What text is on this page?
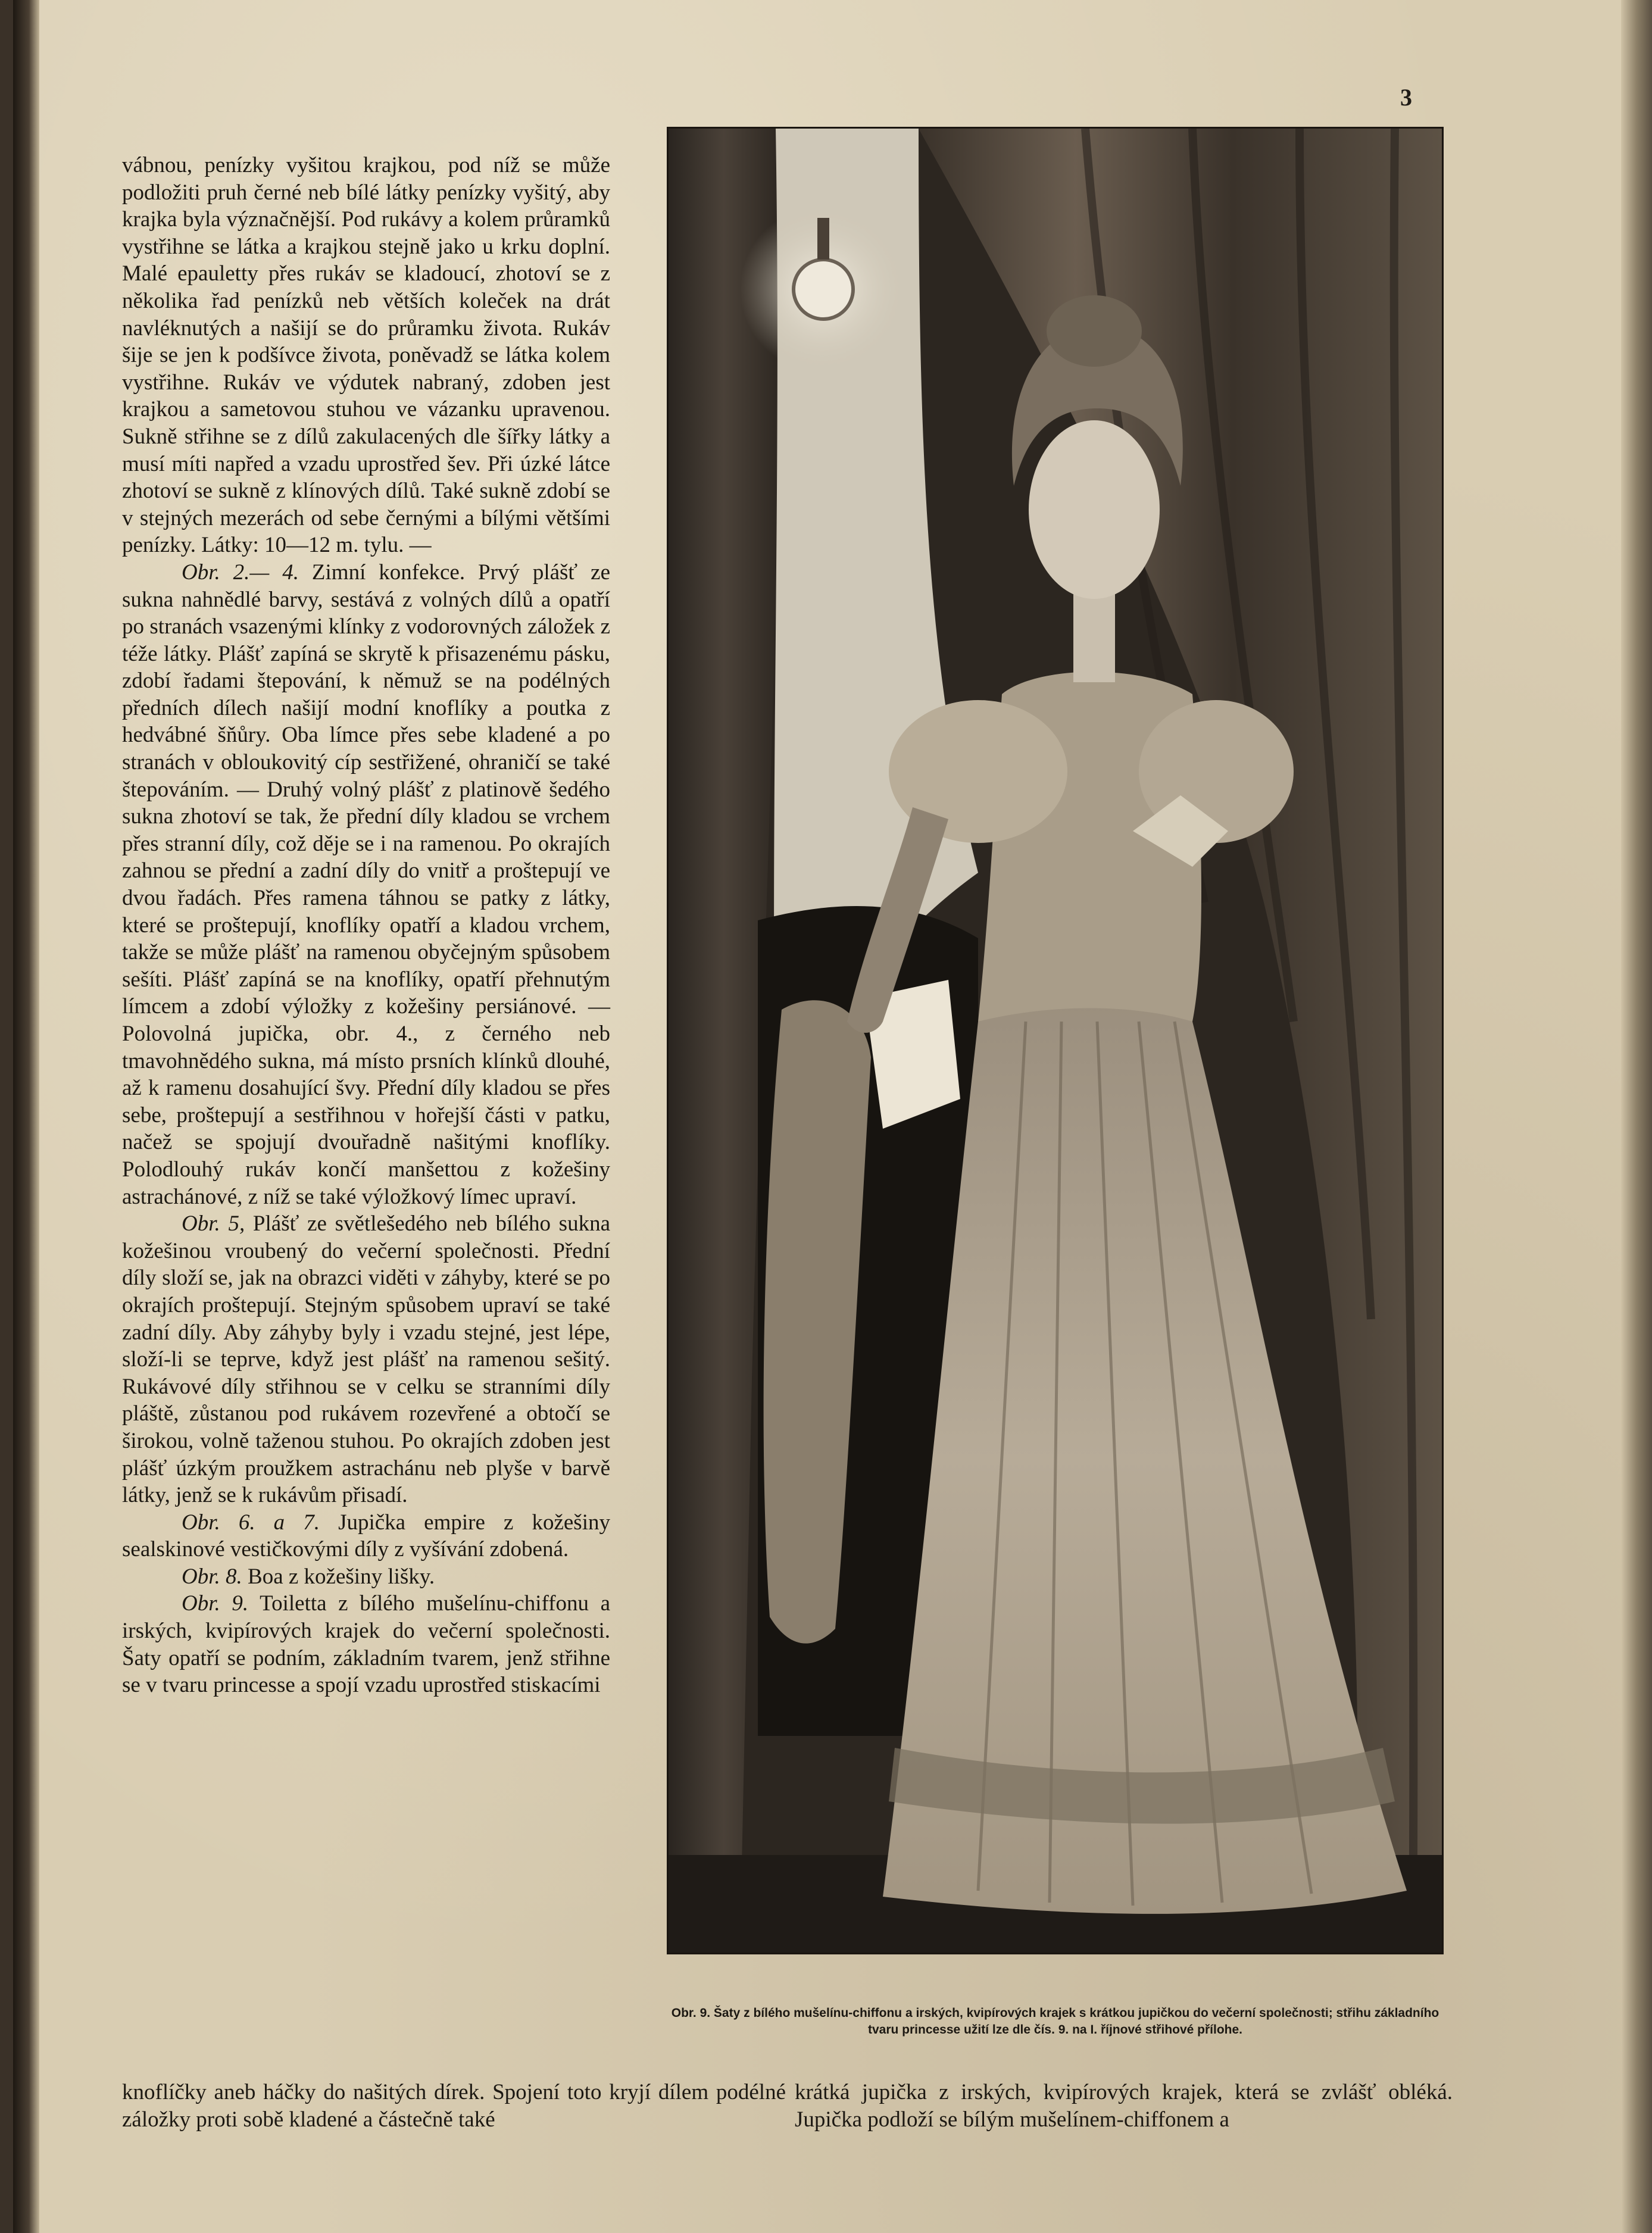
3

vábnou, penízky vyšitou krajkou, pod níž se může podložiti pruh černé neb bílé látky penízky vyšitý, aby krajka byla význačnější. Pod rukávy a kolem průramků vystřihne se látka a krajkou stejně jako u krku doplní. Malé epauletty přes rukáv se kladoucí, zhotoví se z několika řad penízků neb větších koleček na drát navléknutých a našijí se do průramku života. Rukáv šije se jen k podšívce života, poněvadž se látka kolem vystřihne. Rukáv ve výdutek nabraný, zdoben jest krajkou a sametovou stuhou ve vázanku upravenou. Sukně střihne se z dílů zakulacených dle šířky látky a musí míti napřed a vzadu uprostřed šev. Při úzké látce zhotoví se sukně z klínových dílů. Také sukně zdobí se v stejných mezerách od sebe černými a bílými většími penízky. Látky: 10—12 m. tylu. —

Obr. 2.— 4. Zimní konfekce. Prvý plášť ze sukna nahnědlé barvy, sestává z volných dílů a opatří po stranách vsazenými klínky z vodorovných záložek z téže látky. Plášť zapíná se skrytě k přisazenému pásku, zdobí řadami štepování, k němuž se na podélných předních dílech našijí modní knoflíky a poutka z hedvábné šňůry. Oba límce přes sebe kladené a po stranách v obloukovitý cíp sestřižené, ohraničí se také štepováním. — Druhý volný plášť z platinově šedého sukna zhotoví se tak, že přední díly kladou se vrchem přes stranní díly, což děje se i na ramenou. Po okrajích zahnou se přední a zadní díly do vnitř a proštepují ve dvou řadách. Přes ramena táhnou se patky z látky, které se proštepují, knoflíky opatří a kladou vrchem, takže se může plášť na ramenou obyčejným spůsobem sešíti. Plášť zapíná se na knoflíky, opatří přehnutým límcem a zdobí výložky z kožešiny persiánové. — Polovolná jupička, obr. 4., z černého neb tmavohnědého sukna, má místo prsních klínků dlouhé, až k ramenu dosahující švy. Přední díly kladou se přes sebe, proštepují a sestřihnou v hořejší části v patku, načež se spojují dvouřadně našitými knoflíky. Polodlouhý rukáv končí manšettou z kožešiny astrachánové, z níž se také výložkový límec upraví.

Obr. 5, Plášť ze světlešedého neb bílého sukna kožešinou vroubený do večerní společnosti. Přední díly složí se, jak na obrazci viděti v záhyby, které se po okrajích proštepují. Stejným spůsobem upraví se také zadní díly. Aby záhyby byly i vzadu stejné, jest lépe, složí-li se teprve, když jest plášť na ramenou sešitý. Rukávové díly střihnou se v celku se stranními díly pláště, zůstanou pod rukávem rozevřené a obtočí se širokou, volně taženou stuhou. Po okrajích zdoben jest plášť úzkým proužkem astrachánu neb plyše v barvě látky, jenž se k rukávům přisadí.

Obr. 6. a 7. Jupička empire z kožešiny sealskinové vestičkovými díly z vyšívání zdobená.

Obr. 8. Boa z kožešiny lišky.

Obr. 9. Toiletta z bílého mušelínu-chiffonu a irských, kvipírových krajek do večerní společnosti. Šaty opatří se podním, základním tvarem, jenž střihne se v tvaru princesse a spojí vzadu uprostřed stiskacími

Obr. 9. Šaty z bílého mušelínu-chiffonu a irských, kvipírových krajek s krátkou jupičkou do večerní společnosti; střihu základního tvaru princesse užití lze dle čís. 9. na I. říjnové střihové přílohe.
knoflíčky aneb háčky do našitých dírek. Spojení toto kryjí dílem podélné záložky proti sobě kladené a částečně také
krátká jupička z irských, kvipírových krajek, která se zvlášť obléká. Jupička podloží se bílým mušelínem-chiffonem a
